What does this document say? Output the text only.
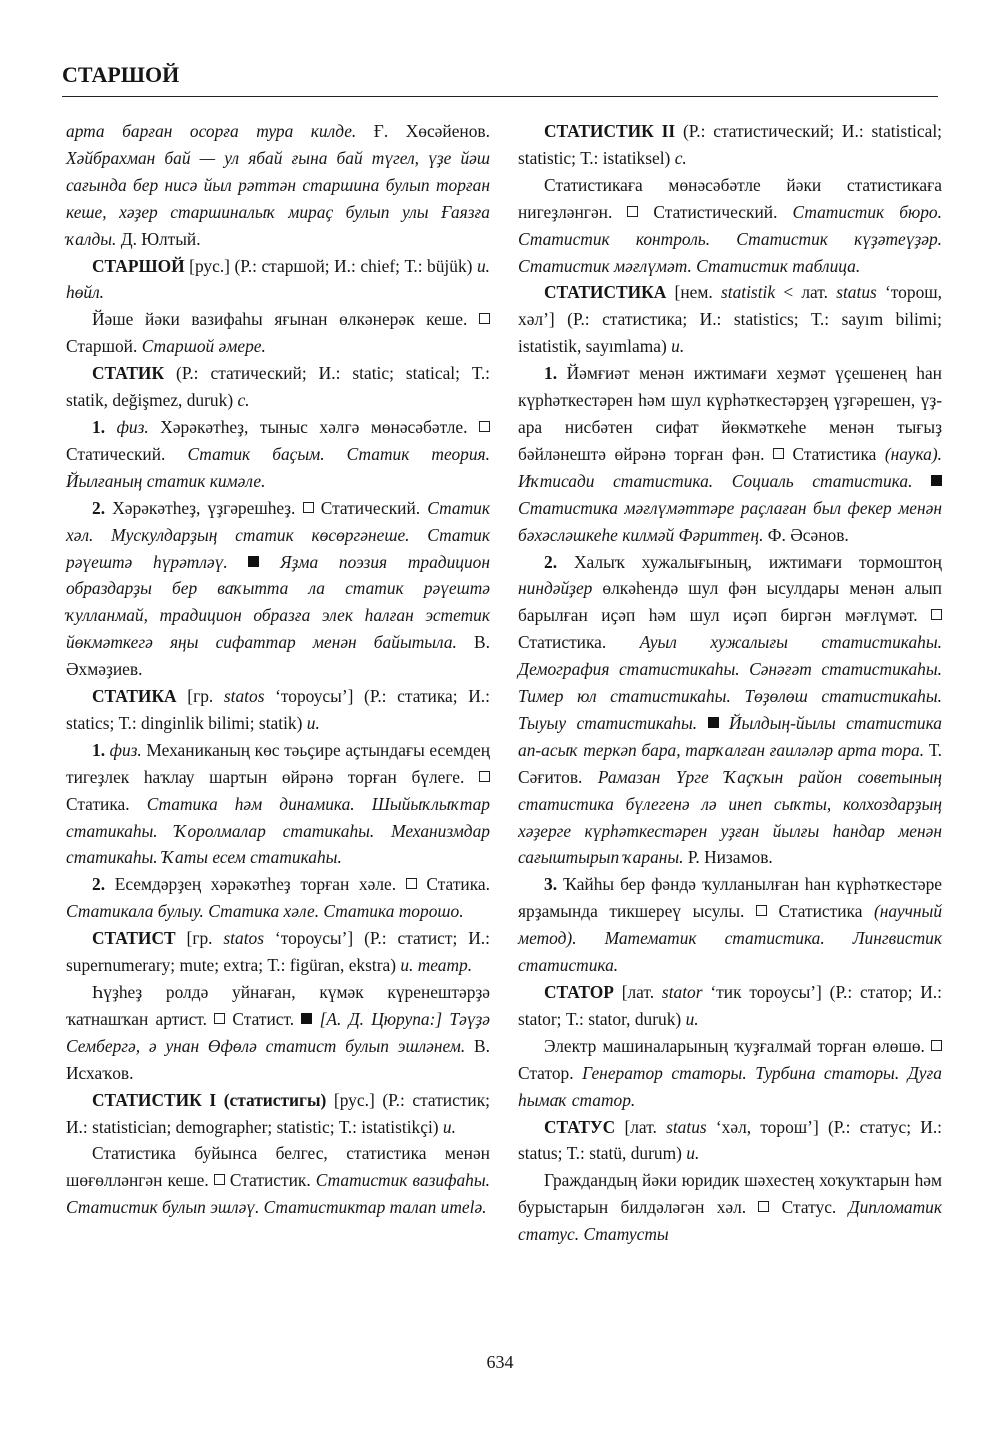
СТАРШОЙ

арта барған осорға тура килде. Ғ. Хөсәйенов. Хәйбрахман бай — ул ябай ғына бай түгел, үҙе йәш сағында бер нисә йыл рәттән старшина булып торған кеше, хәҙер старшиналыҡ мираҫ булып улы Ғаязға ҡалды. Д. Юлтый.

СТАРШОЙ [рус.] (Р.: старшой; И.: chief; Т.: büjük) и. һөйл.

Йәше йәки вазифаһы яғынан өлкәнерәк кеше.  Старшой. Старшой әмере.

СТАТИК (Р.: статический; И.: static; statical; Т.: statik, değişmez, duruk) с.

1. физ. Хәрәкәтһеҙ, тыныс хәлгә мөнәсәбәтле.  Статический. Статик баҫым. Статик теория. Йылғаның статик кимәле.

2. Хәрәкәтһеҙ, үҙгәрешһеҙ.  Статический. Статик хәл. Мускулдарҙың статик көсөргәнеше. Статик рәүештә һүрәтләү.  Яҙма поэзия традицион образдарҙы бер ваҡытта ла статик рәүештә ҡулланмай, традицион образға элек һалған эстетик йөкмәткегә яңы сифаттар менән байытыла. В. Әхмәҙиев.

СТАТИКА [гр. statos ‘тороусы’] (Р.: статика; И.: statics; Т.: dinginlik bilimi; statik) и.

1. физ. Механиканың көс тәьҫире аҫтындағы есемдең тигеҙлек һаҡлау шартын өйрәнә торған бүлеге.  Статика. Статика һәм динамика. Шыйыҡлыҡтар статикаһы. Ҡоролмалар статикаһы. Механизмдар статикаһы. Ҡаты есем статикаһы.

2. Есемдәрҙең хәрәкәтһеҙ торған хәле.  Статика. Статикала булыу. Статика хәле. Статика торошо.

СТАТИСТ [гр. statos ‘тороусы’] (Р.: статист; И.: supernumerary; mute; extra; Т.: figüran, ekstra) и. театр.

Һүҙһеҙ ролдә уйнаған, күмәк күренештәрҙә ҡатнашҡан артист.  Статист.  [А. Д. Цюрупа:] Тәүҙә Сембергә, ә унан Өфөлә статист булып эшләнем. В. Исхаҡов.

СТАТИСТИК I (статистигы) [рус.] (Р.: статистик; И.: statistician; demographer; statistic; Т.: istatistikçi) и.

Статистика буйынса белгес, статистика менән шөғөлләнгән кеше.  Статистик. Статистик вазифаһы. Статистик булып эшләү. Статистиктар талап итеlә.

СТАТИСТИК II (Р.: статистический; И.: statistical; statistic; Т.: istatiksel) с.

Статистикаға мөнәсәбәтле йәки статистикаға нигеҙләнгән.  Статистический. Статистик бюро. Статистик контроль. Статистик күҙәтеүҙәр. Статистик мәғлүмәт. Статистик таблица.

СТАТИСТИКА [нем. statistik < лат. status ‘торош, хәл’] (Р.: статистика; И.: statistics; Т.: sayım bilimi; istatistik, sayımlama) и.

1. Йәмғиәт менән ижтимағи хеҙмәт үҫешенең һан күрһәткестәрен һәм шул күрһәткестәрҙең үҙгәрешен, үҙ-ара нисбәтен сифат йөкмәткеһе менән тығыҙ бәйләнештә өйрәнә торған фән.  Статистика (наука). Иҡтисади статистика. Социаль статистика.  Статистика мәғлүмәттәре раҫлаған был фекер менән бәхәсләшкеһе килмәй Фәриттең. Ф. Әсәнов.

2. Халыҡ хужалығының, ижтимағи тормоштоң ниндәйҙер өлкәһендә шул фән ысулдары менән алып барылған иҫәп һәм шул иҫәп биргән мәғлүмәт.  Статистика. Ауыл хужалығы статистикаһы. Демография статистикаһы. Сәнәғәт статистикаһы. Тимер юл статистикаһы. Төҙөлөш статистикаһы. Тыуыу статистикаһы.  Йылдың-йылы статистика ап-асыҡ теркәп бара, тарҡалған ғаиләләр арта тора. Т. Сәғитов. Рамазан Үрге Ҡаҫҡын район советының статистика бүлегенә лә инеп сыҡты, колхоздарҙың хәҙерге күрһәткестәрен уҙған йылғы һандар менән сағыштырып ҡараны. Р. Низамов.

3. Ҡайһы бер фәндә ҡулланылған һан күрһәткестәре ярҙамында тикшереү ысулы.  Статистика (научный метод). Математик статистика. Лингвистик статистика.

СТАТОР [лат. stator ‘тик тороусы’] (Р.: статор; И.: stator; Т.: stator, duruk) и.

Электр машиналарының ҡуҙғалмай торған өлөшө.  Статор. Генератор статоры. Турбина статоры. Дуға һымаҡ статор.

СТАТУС [лат. status ‘хәл, торош’] (Р.: статус; И.: status; Т.: statü, durum) и.

Граждандың йәки юридик шәхестең хоҡуҡтарын һәм бурыстарын билдәләгән хәл.  Статус. Дипломатик статус. Статусты

634
